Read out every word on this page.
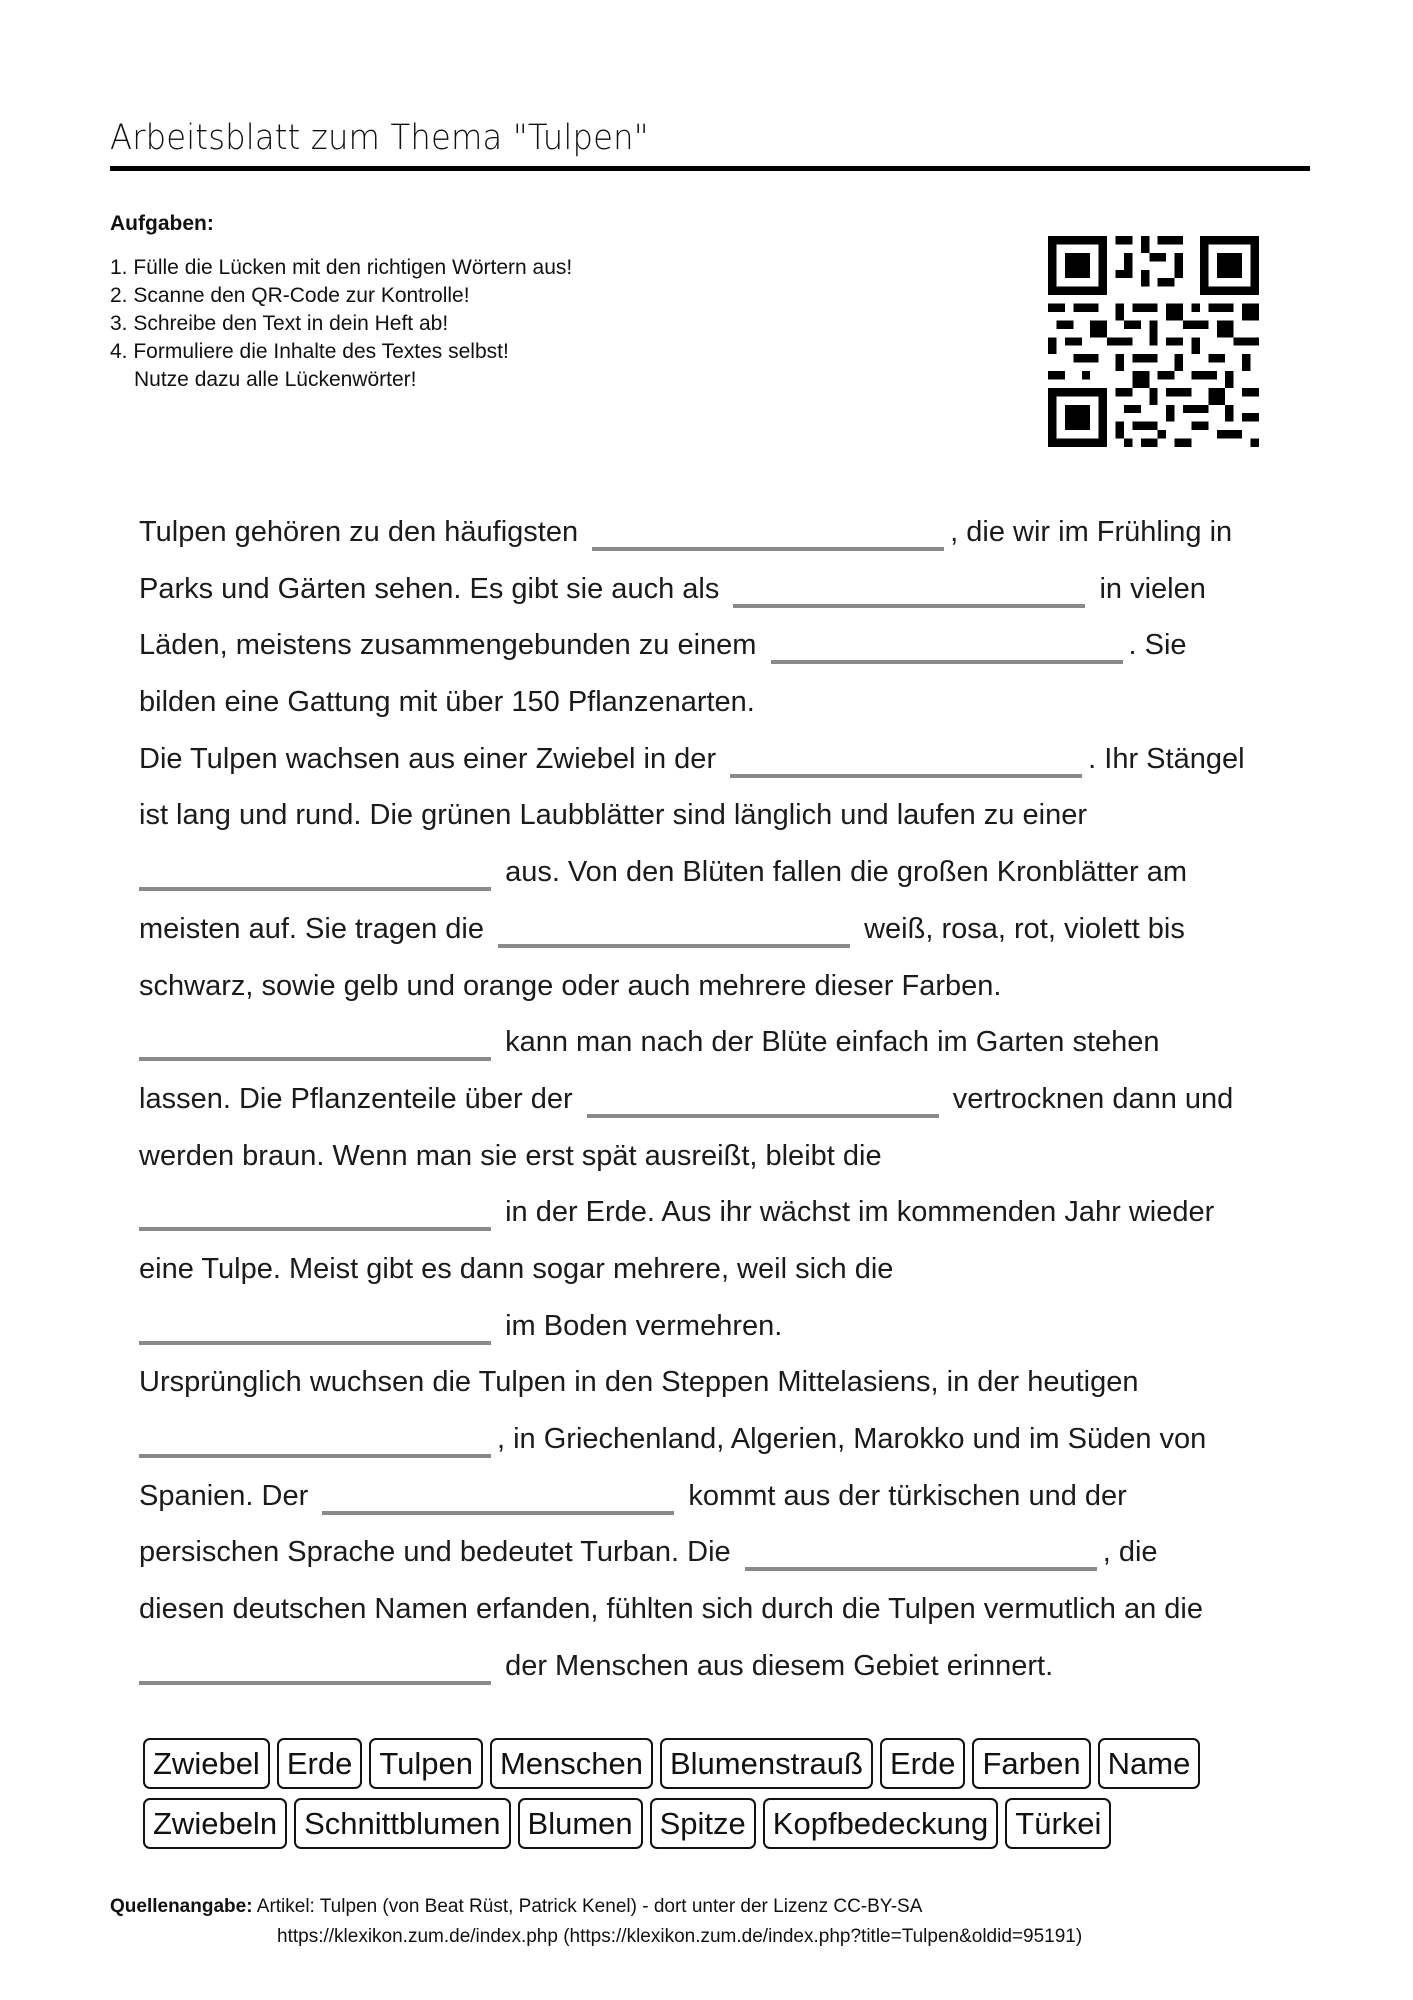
Arbeitsblatt zum Thema "Tulpen"
Aufgaben:
1. Fülle die Lücken mit den richtigen Wörtern aus!
2. Scanne den QR-Code zur Kontrolle!
3. Schreibe den Text in dein Heft ab!
4. Formuliere die Inhalte des Textes selbst!
Nutze dazu alle Lückenwörter!
Tulpen gehören zu den häufigsten	, die wir im Frühling in
Parks und Gärten sehen. Es gibt sie auch als	in vielen
Läden, meistens zusammengebunden zu einem	. Sie
bilden eine Gattung mit über 150 Pflanzenarten.
Die Tulpen wachsen aus einer Zwiebel in der	. Ihr Stängel
ist lang und rund. Die grünen Laubblätter sind länglich und laufen zu einer
aus. Von den Blüten fallen die großen Kronblätter am
meisten auf. Sie tragen die	weiß, rosa, rot, violett bis
schwarz, sowie gelb und orange oder auch mehrere dieser Farben.
kann man nach der Blüte einfach im Garten stehen
lassen. Die Pflanzenteile über der	vertrocknen dann und
werden braun. Wenn man sie erst spät ausreißt, bleibt die
in der Erde. Aus ihr wächst im kommenden Jahr wieder
eine Tulpe. Meist gibt es dann sogar mehrere, weil sich die
im Boden vermehren.
Ursprünglich wuchsen die Tulpen in den Steppen Mittelasiens, in der heutigen
, in Griechenland, Algerien, Marokko und im Süden von
Spanien. Der	kommt aus der türkischen und der
persischen Sprache und bedeutet Turban. Die	, die
diesen deutschen Namen erfanden, fühlten sich durch die Tulpen vermutlich an die
der Menschen aus diesem Gebiet erinnert.
Zwiebel Erde Tulpen Menschen Blumenstrauß Erde Farben Name
Zwiebeln Schnittblumen Blumen Spitze Kopfbedeckung Türkei
Quellenangabe: Artikel: Tulpen (von Beat Rüst, Patrick Kenel) - dort unter der Lizenz CC-BY-SA
https://klexikon.zum.de/index.php (https://klexikon.zum.de/index.php?title=Tulpen&oldid=95191)
